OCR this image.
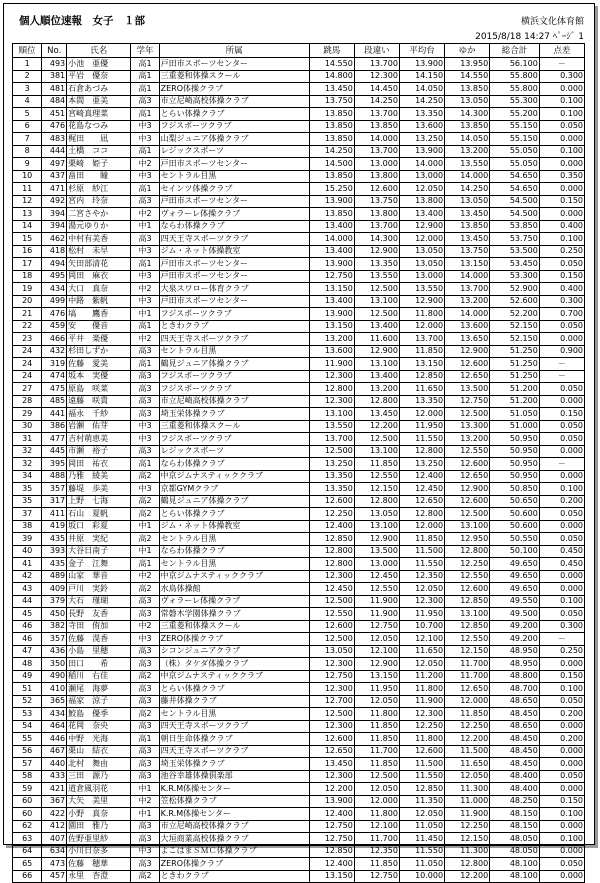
個人順位速報　女子　１部	横浜文化体育館
2015/8/18 14:27 ﾍﾟｰｼﾞ 1
順位	No.	氏名	学年	所属	跳馬	段違い	平均台	ゆか	総合計	点差
1	493	小池　亜優	高1	戸田市スポーツセンター	14.550	13.700	13.900	13.950	56.100	－
2	381	平岩　優奈	高1	三重菱和体操スクール	14.800	12.300	14.150	14.550	55.800	0.300
3	481	石倉あづみ	高1	ZERO体操クラブ	13.450	14.450	14.050	13.850	55.800	0.000
4	484	本間　亜美	高3	市立尼崎高校体操クラブ	13.750	14.250	14.250	13.050	55.300	0.100
5	451	宮崎真理菜	高1	とらい体操クラブ	13.850	13.700	13.350	14.300	55.200	0.100
6	476	花島なつみ	中3	フジスポーツクラブ	13.850	13.850	13.600	13.850	55.150	0.050
7	483	梶田　　凪	中3	山梨ジュニア体操クラブ	13.850	14.000	13.250	14.050	55.150	0.000
8	444	土橋　ココ	高1	レジックスポーツ	14.250	13.700	13.900	13.200	55.050	0.100
9	497	栗崎　姫子	中2	戸田市スポーツセンター	14.500	13.000	14.000	13.550	55.050	0.000
10	437	畠田　　瞳	中3	セントラル目黒	13.850	13.800	13.000	14.000	54.650	0.350
11	471	杉原　紗江	高1	セインツ体操クラブ	15.250	12.600	12.050	14.250	54.650	0.000
12	492	宮内　玲奈	高3	戸田市スポーツセンター	13.900	13.750	13.800	13.050	54.500	0.150
13	394	二宮さやか	中2	ヴォラーレ体操クラブ	13.850	13.800	13.400	13.450	54.500	0.000
14	394	湯元ゆりか	中1	ならわ体操クラブ	13.400	13.700	12.900	13.850	53.850	0.400
15	462	中村有美香	高3	四天王寺スポーツクラブ	14.000	14.300	12.000	13.450	53.750	0.100
16	418	松村　未早	中3	ジム・ネット体操教室	13.400	12.900	13.050	13.750	53.500	0.250
17	494	矢田部清花	高1	戸田市スポーツセンター	13.900	13.350	13.050	13.150	53.450	0.050
18	495	岡田　麻衣	中3	戸田市スポーツセンター	12.750	13.550	13.000	14.000	53.300	0.150
19	434	大口　真奈	中2	大泉スワロー体育クラブ	13.150	12.500	13.550	13.700	52.900	0.400
20	499	中路　紫帆	中3	戸田市スポーツセンター	13.400	13.100	12.900	13.200	52.600	0.300
21	476	塙　　鷹香	中1	フジスポーツクラブ	13.900	12.500	11.800	14.000	52.200	0.700
22	459	安　　優音	高1	ときわクラブ	13.150	13.400	12.000	13.600	52.150	0.050
23	466	平井　楽優	中2	四天王寺スポーツクラブ	13.200	11.600	13.700	13.650	52.150	0.000
24	432	杉田しずか	高3	セントラル目黒	13.600	12.900	11.850	12.900	51.250	0.900
24	319	佐藤　愛美	高1	鶴見ジュニア体操クラブ	11.900	13.100	13.150	12.600	51.250	－
24	474	坂本　実優	高3	フジスポーツクラブ	12.300	13.400	12.850	12.650	51.250	－
27	475	原島　咲菜	高3	フジスポーツクラブ	12.800	13.200	11.650	13.500	51.200	0.050
28	485	遠藤　咲貴	高3	市立尼崎高校体操クラブ	12.300	12.800	13.350	12.750	51.200	0.000
29	441	福永　千紗	高3	埼玉栄体操クラブ	13.100	13.450	12.000	12.500	51.050	0.150
30	386	岩瀬　佑芽	中3	三重菱和体操スクール	13.550	12.200	11.950	13.300	51.000	0.050
31	477	吉村萌恵美	中3	フジスポーツクラブ	13.700	12.500	11.550	13.200	50.950	0.050
32	445	市瀬　裕子	高3	レジックスポーツ	12.500	13.100	12.800	12.550	50.950	0.000
32	395	岡田　祐衣	高1	ならわ体操クラブ	13.250	11.850	13.250	12.600	50.950	－
34	488	乃雅　綾美	高2	中京ジムナスティッククラブ	13.350	12.550	12.400	12.650	50.950	0.000
35	357	藤堤　歩美	中3	京都GYMクラブ	13.350	12.150	12.450	12.900	50.850	0.100
35	317	上野　七海	高2	鶴見ジュニア体操クラブ	12.600	12.800	12.650	12.600	50.650	0.200
37	411	石山　夏帆	高2	とらい体操クラブ	12.250	13.050	12.800	12.500	50.600	0.050
38	419	坂口　彩夏	中1	ジム・ネット体操教室	12.400	13.100	12.000	13.100	50.600	0.000
39	435	井原　実紀	高2	セントラル目黒	12.850	12.900	11.850	12.950	50.550	0.050
40	393	大谷日南子	中1	ならわ体操クラブ	12.800	13.500	11.500	12.800	50.100	0.450
41	435	金子　江舞	高1	セントラル目黒	12.800	13.000	11.550	12.250	49.650	0.450
42	489	山家　華音	中2	中京ジムナスティッククラブ	12.300	12.450	12.350	12.550	49.650	0.000
43	409	戸川　実鈴	高2	水鳥体操館	12.450	12.550	12.050	12.600	49.650	0.000
44	379	大石　瑾瑚	高3	ヴォラーレ体操クラブ	12.500	11.900	12.300	12.850	49.550	0.100
45	450	長野　友香	高3	常磐木学園体操クラブ	12.550	11.900	11.950	13.100	49.500	0.050
46	382	寺田　侑加	中2	三重菱和体操スクール	12.600	12.750	10.700	12.850	49.200	0.300
46	357	佐藤　滉香	中3	ZERO体操クラブ	12.500	12.050	12.100	12.550	49.200	－
47	436	小島　里穂	高3	シコンジュニアクラブ	13.050	12.100	11.650	12.150	48.950	0.250
48	350	田口　　希	高3	（株）タケダ体操クラブ	12.300	12.900	12.050	11.700	48.950	0.000
49	490	稲川　右佳	高2	中京ジムナスティッククラブ	12.750	13.150	11.200	11.700	48.800	0.150
51	410	瀬尾　海夢	高3	とらい体操クラブ	12.300	11.950	11.800	12.650	48.700	0.100
52	365	福家　涼子	高3	藤井体操クラブ	12.700	12.050	11.900	12.000	48.650	0.050
53	434	鮫島　優季	高2	セントラル目黒	12.500	11.800	12.300	11.850	48.450	0.200
54	464	花岡　奈央	高3	四天王寺スポーツクラブ	12.300	11.850	12.250	12.250	48.650	0.000
55	446	中野　光海	高1	朝日生命体操クラブ	12.600	11.850	11.800	12.200	48.450	0.200
56	467	栗山　結衣	高3	四天王寺スポーツクラブ	12.650	11.700	12.600	11.500	48.450	0.000
57	440	北村　舞由	高3	埼玉栄体操クラブ	13.450	11.850	11.500	11.650	48.450	0.000
58	433	三田　源乃	高3	池谷幸雄体操倶楽部	12.300	12.500	11.550	12.050	48.400	0.050
59	421	道倉風羽花	中1	K.R.M体操センター	12.200	12.050	12.850	11.300	48.400	0.000
60	367	大矢　美里	中2	笠松体操クラブ	13.900	12.000	11.350	11.000	48.250	0.150
60	422	小野　真奈	中1	K.R.M体操センター	12.400	11.800	12.050	11.900	48.150	0.100
62	412	園田　雅乃	高3	市立尼崎高校体操クラブ	12.750	12.100	11.050	12.250	48.150	0.000
63	407	佐野亜里紗	高3	大垣商業高校体操クラブ	12.750	11.700	11.450	12.150	48.050	0.100
64	634	小川日奈多	中3	よこはまＳＭＣ体操クラブ	12.850	12.350	11.550	11.300	48.050	0.000
65	473	佐藤　穂華	高3	ZERO体操クラブ	12.400	11.850	11.050	12.800	48.100	0.050
66	457	永里　杏澄	高2	ときわクラブ	13.150	12.750	10.000	12.200	48.100	0.000
